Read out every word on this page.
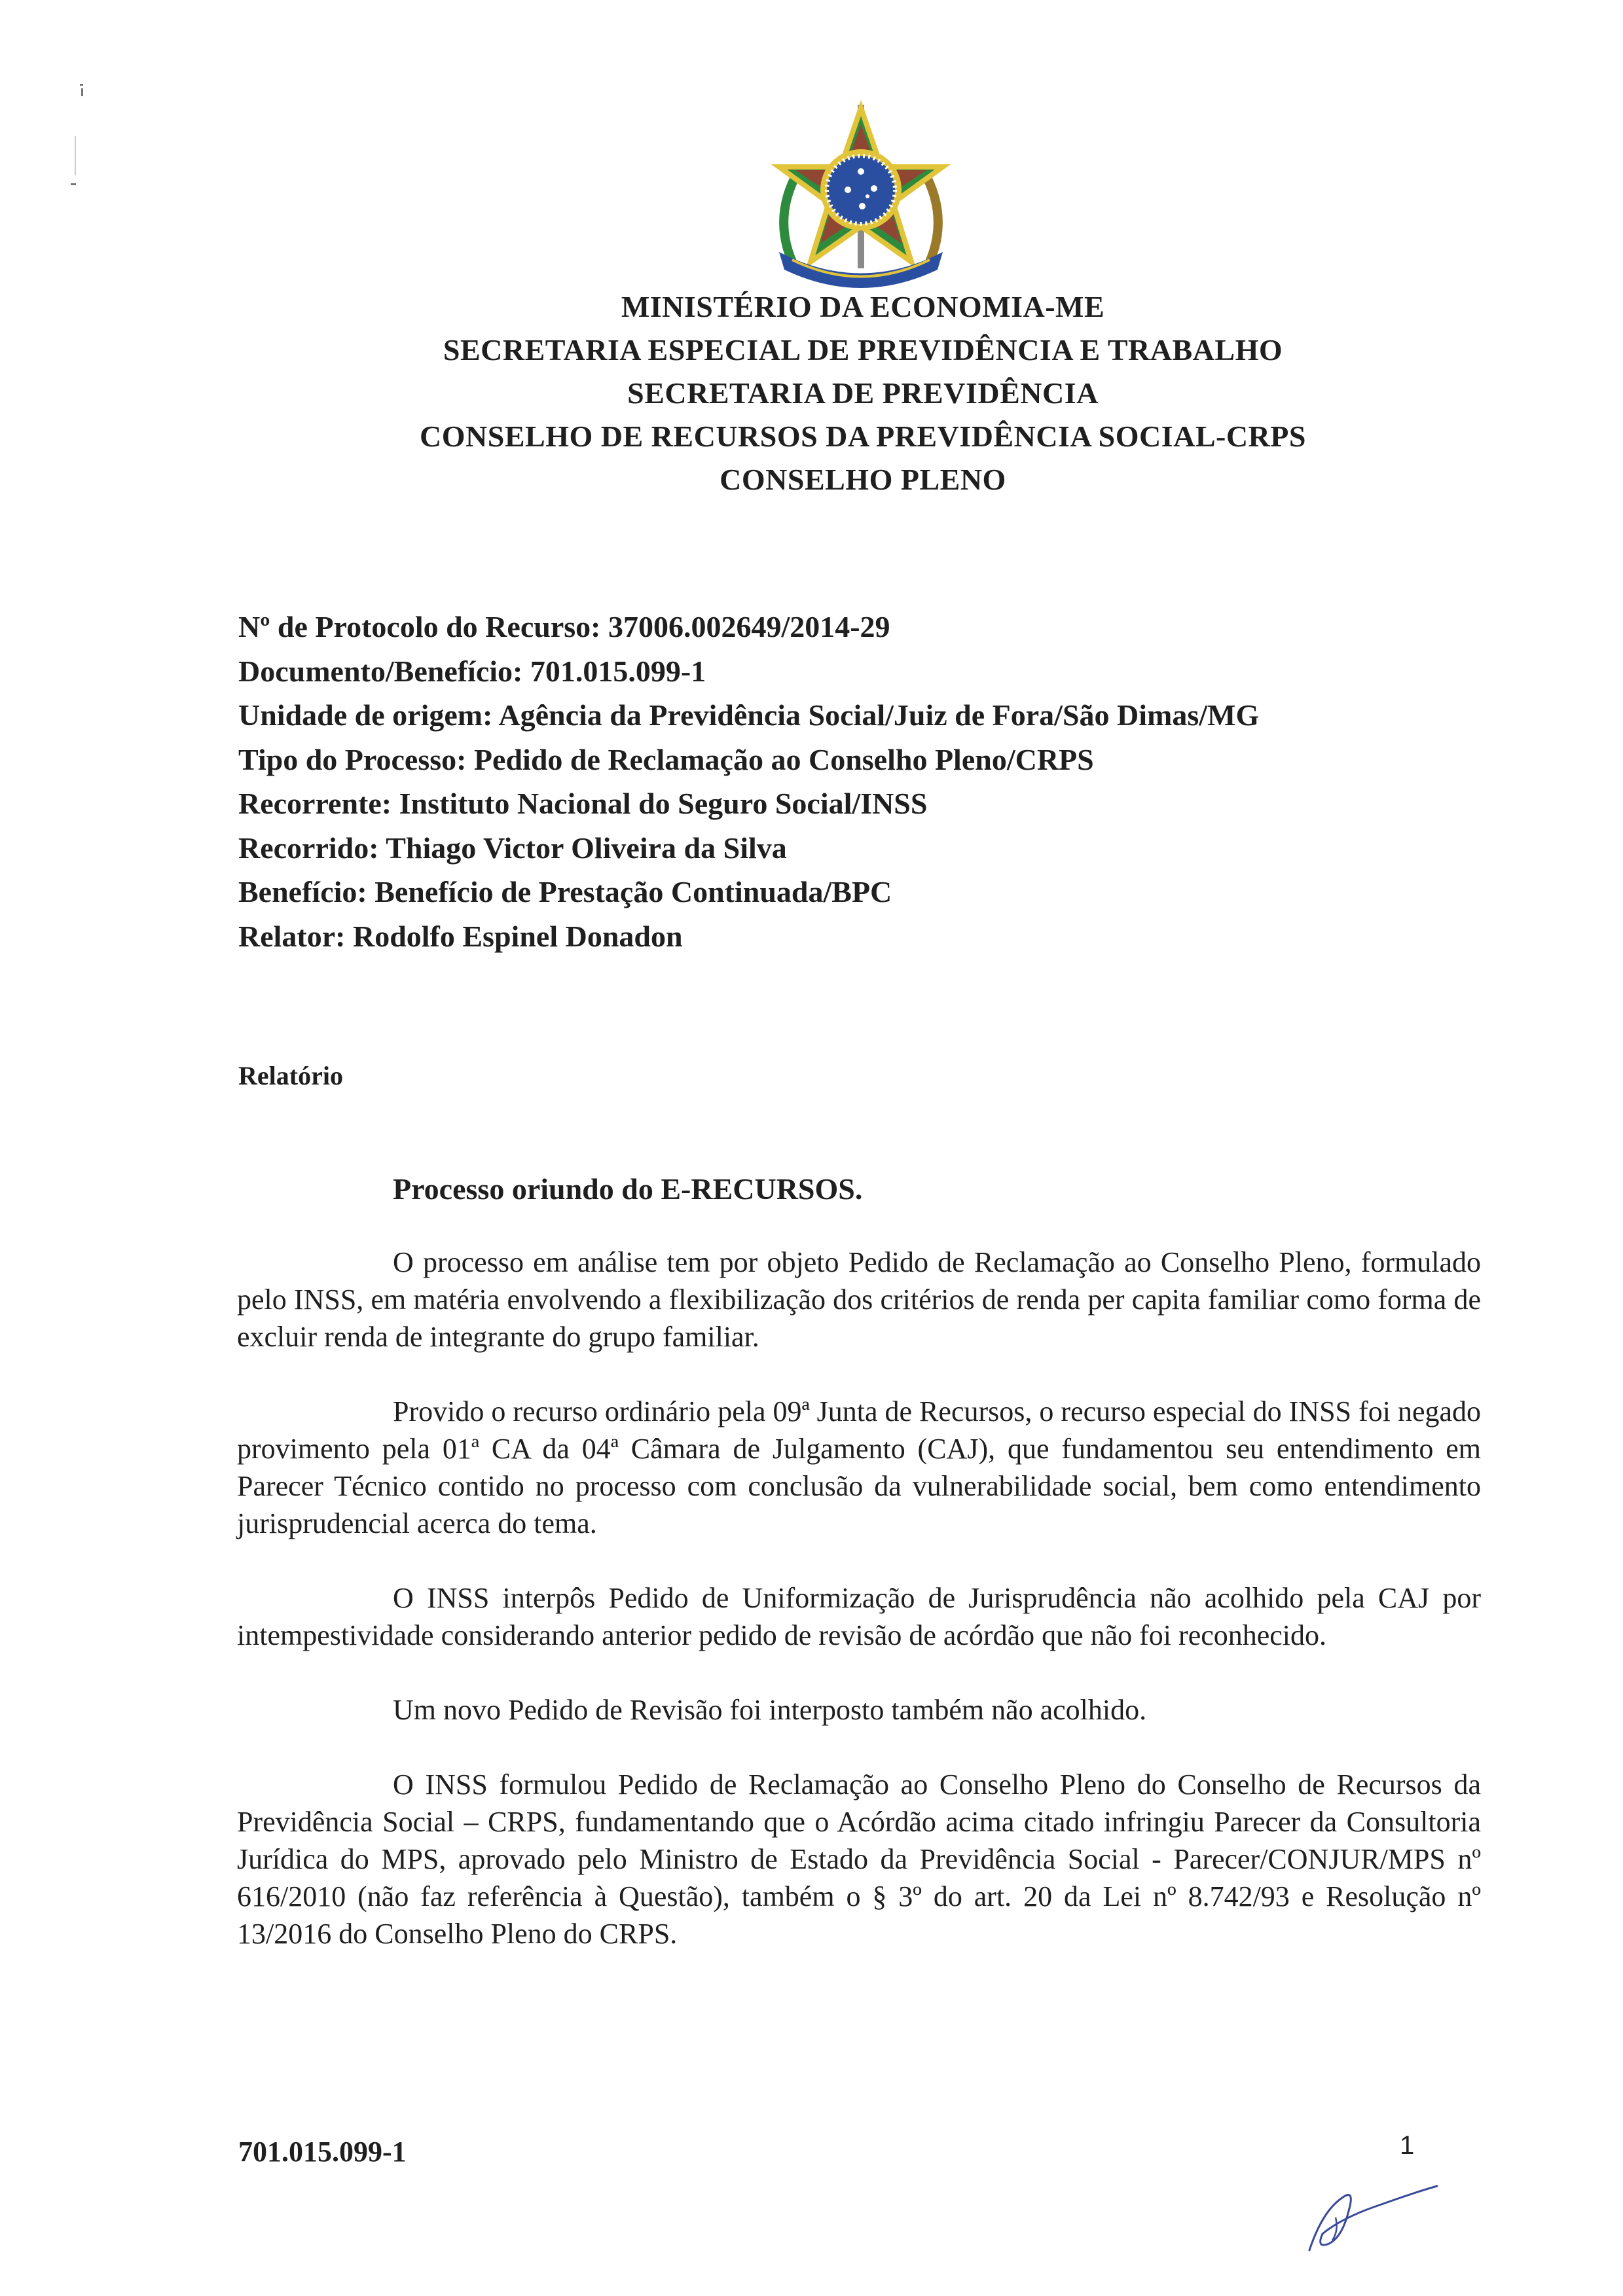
MINISTÉRIO DA ECONOMIA-ME
SECRETARIA ESPECIAL DE PREVIDÊNCIA E TRABALHO
SECRETARIA DE PREVIDÊNCIA
CONSELHO DE RECURSOS DA PREVIDÊNCIA SOCIAL-CRPS
CONSELHO PLENO
Nº de Protocolo do Recurso: 37006.002649/2014-29
Documento/Benefício: 701.015.099-1
Unidade de origem: Agência da Previdência Social/Juiz de Fora/São Dimas/MG
Tipo do Processo: Pedido de Reclamação ao Conselho Pleno/CRPS
Recorrente: Instituto Nacional do Seguro Social/INSS
Recorrido: Thiago Victor Oliveira da Silva
Benefício: Benefício de Prestação Continuada/BPC
Relator: Rodolfo Espinel Donadon
Relatório
Processo oriundo do E-RECURSOS.

O processo em análise tem por objeto Pedido de Reclamação ao Conselho Pleno, formulado pelo INSS, em matéria envolvendo a flexibilização dos critérios de renda per capita familiar como forma de excluir renda de integrante do grupo familiar.

Provido o recurso ordinário pela 09ª Junta de Recursos, o recurso especial do INSS foi negado provimento pela 01ª CA da 04ª Câmara de Julgamento (CAJ), que fundamentou seu entendimento em Parecer Técnico contido no processo com conclusão da vulnerabilidade social, bem como entendimento jurisprudencial acerca do tema.

O INSS interpôs Pedido de Uniformização de Jurisprudência não acolhido pela CAJ por intempestividade considerando anterior pedido de revisão de acórdão que não foi reconhecido.

Um novo Pedido de Revisão foi interposto também não acolhido.

O INSS formulou Pedido de Reclamação ao Conselho Pleno do Conselho de Recursos da Previdência Social – CRPS, fundamentando que o Acórdão acima citado infringiu Parecer da Consultoria Jurídica do MPS, aprovado pelo Ministro de Estado da Previdência Social - Parecer/CONJUR/MPS nº 616/2010 (não faz referência à Questão), também o § 3º do art. 20 da Lei nº 8.742/93 e Resolução nº 13/2016 do Conselho Pleno do CRPS.

701.015.099-1	1
